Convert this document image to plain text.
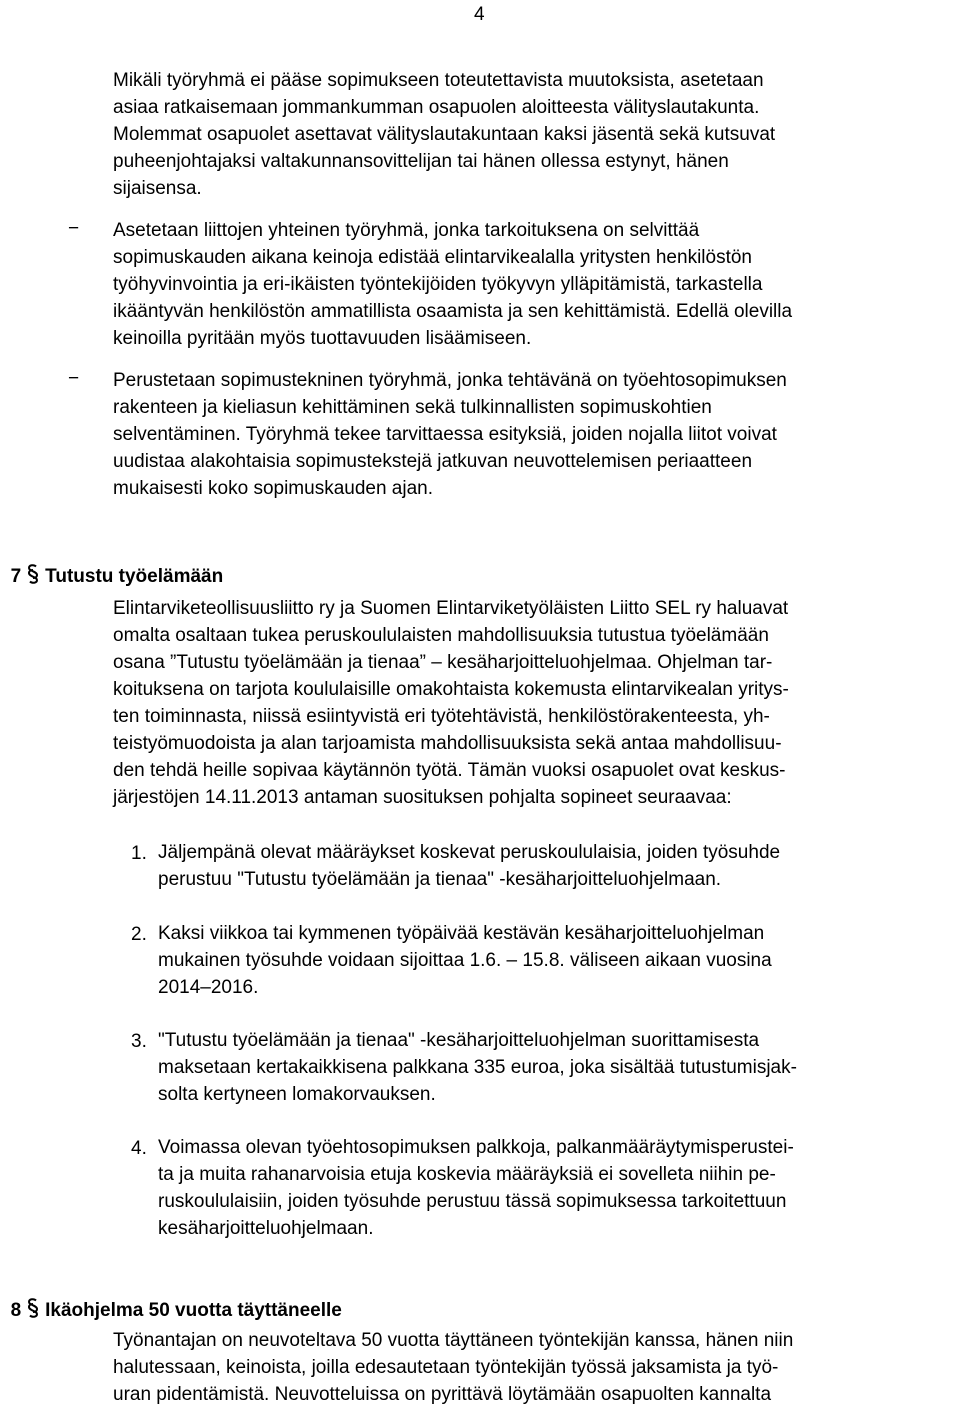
4
Mikäli työryhmä ei pääse sopimukseen toteutettavista muutoksista, asetetaan
asiaa ratkaisemaan jommankumman osapuolen aloitteesta välityslautakunta.
Molemmat osapuolet asettavat välityslautakuntaan kaksi jäsentä sekä kutsuvat
puheenjohtajaksi valtakunnansovittelijan tai hänen ollessa estynyt, hänen
sijaisensa.
− Asetetaan liittojen yhteinen työryhmä, jonka tarkoituksena on selvittää
sopimuskauden aikana keinoja edistää elintarvikealalla yritysten henkilöstön
työhyvinvointia ja eri-ikäisten työntekijöiden työkyvyn ylläpitämistä, tarkastella
ikääntyvän henkilöstön ammatillista osaamista ja sen kehittämistä. Edellä olevilla
keinoilla pyritään myös tuottavuuden lisäämiseen.
− Perustetaan sopimustekninen työryhmä, jonka tehtävänä on työehtosopimuksen
rakenteen ja kieliasun kehittäminen sekä tulkinnallisten sopimuskohtien
selventäminen. Työryhmä tekee tarvittaessa esityksiä, joiden nojalla liitot voivat
uudistaa alakohtaisia sopimustekstejä jatkuvan neuvottelemisen periaatteen
mukaisesti koko sopimuskauden ajan.

7 Tutustu työelämään

Elintarviketeollisuusliitto ry ja Suomen Elintarviketyöläisten Liitto SEL ry haluavat
omalta osaltaan tukea peruskoululaisten mahdollisuuksia tutustua työelämään
osana ”Tutustu työelämään ja tienaa” – kesäharjoitteluohjelmaa. Ohjelman tar-
koituksena on tarjota koululaisille omakohtaista kokemusta elintarvikealan yritys-
ten toiminnasta, niissä esiintyvistä eri työtehtävistä, henkilöstörakenteesta, yh-
teistyömuodoista ja alan tarjoamista mahdollisuuksista sekä antaa mahdollisuu-
den tehdä heille sopivaa käytännön työtä. Tämän vuoksi osapuolet ovat keskus-
järjestöjen 14.11.2013 antaman suosituksen pohjalta sopineet seuraavaa:
1. Jäljempänä olevat määräykset koskevat peruskoululaisia, joiden työsuhde
perustuu "Tutustu työelämään ja tienaa" -kesäharjoitteluohjelmaan.
2. Kaksi viikkoa tai kymmenen työpäivää kestävän kesäharjoitteluohjelman
mukainen työsuhde voidaan sijoittaa 1.6. – 15.8. väliseen aikaan vuosina
2014–2016.
3. "Tutustu työelämään ja tienaa" -kesäharjoitteluohjelman suorittamisesta
maksetaan kertakaikkisena palkkana 335 euroa, joka sisältää tutustumisjak-
solta kertyneen lomakorvauksen.
4. Voimassa olevan työehtosopimuksen palkkoja, palkanmääräytymisperustei-
ta ja muita rahanarvoisia etuja koskevia määräyksiä ei sovelleta niihin pe-
ruskoululaisiin, joiden työsuhde perustuu tässä sopimuksessa tarkoitettuun
kesäharjoitteluohjelmaan.

8 Ikäohjelma 50 vuotta täyttäneelle

Työnantajan on neuvoteltava 50 vuotta täyttäneen työntekijän kanssa, hänen niin
halutessaan, keinoista, joilla edesautetaan työntekijän työssä jaksamista ja työ-
uran pidentämistä. Neuvotteluissa on pyrittävä löytämään osapuolten kannalta
